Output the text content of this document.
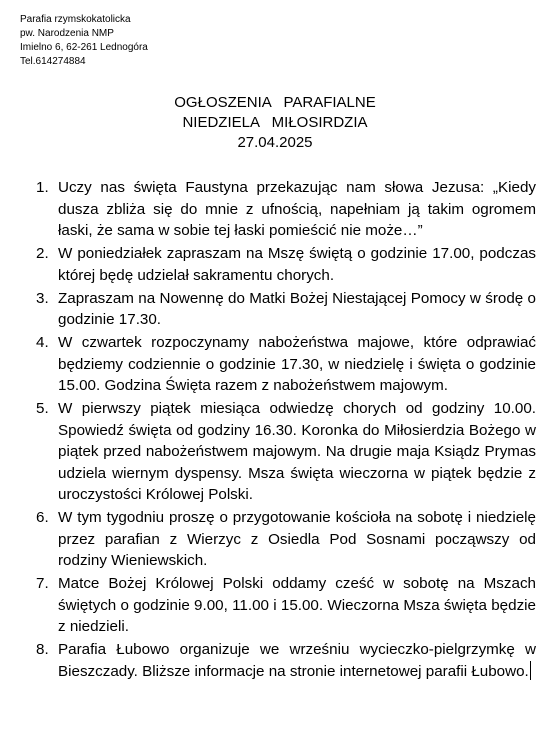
Parafia rzymskokatolicka
pw. Narodzenia NMP
Imielno 6, 62-261 Lednogóra
Tel.614274884
OGŁOSZENIA   PARAFIALNE
NIEDZIELA   MIŁOSIRDZIA
27.04.2025
1. Uczy nas święta Faustyna przekazując nam słowa Jezusa: „Kiedy dusza zbliża się do mnie z ufnością, napełniam ją takim ogromem łaski, że sama w sobie tej łaski pomieścić nie może…”
2. W poniedziałek zapraszam na Mszę świętą o godzinie 17.00, podczas której będę udzielał sakramentu chorych.
3. Zapraszam na Nowennę do Matki Bożej Niestającej Pomocy w środę o godzinie 17.30.
4. W czwartek rozpoczynamy nabożeństwa majowe, które odprawiać będziemy codziennie o godzinie 17.30, w niedzielę i święta o godzinie 15.00. Godzina Święta razem z nabożeństwem majowym.
5. W pierwszy piątek miesiąca odwiedzę chorych od godziny 10.00. Spowiedź święta od godziny 16.30. Koronka do Miłosierdzia Bożego w piątek przed nabożeństwem majowym. Na drugie maja Ksiądz Prymas udziela wiernym dyspensy. Msza święta wieczorna w piątek będzie z uroczystości Królowej Polski.
6. W tym tygodniu proszę o przygotowanie kościoła na sobotę i niedzielę przez parafian z Wierzyc z Osiedla Pod Sosnami począwszy od rodziny Wieniewskich.
7. Matce Bożej Królowej Polski oddamy cześć w sobotę na Mszach świętych o godzinie 9.00, 11.00 i 15.00. Wieczorna Msza święta będzie z niedzieli.
8. Parafia Łubowo organizuje we wrześniu wycieczko-pielgrzymkę w Bieszczady. Bliższe informacje na stronie internetowej parafii Łubowo.
